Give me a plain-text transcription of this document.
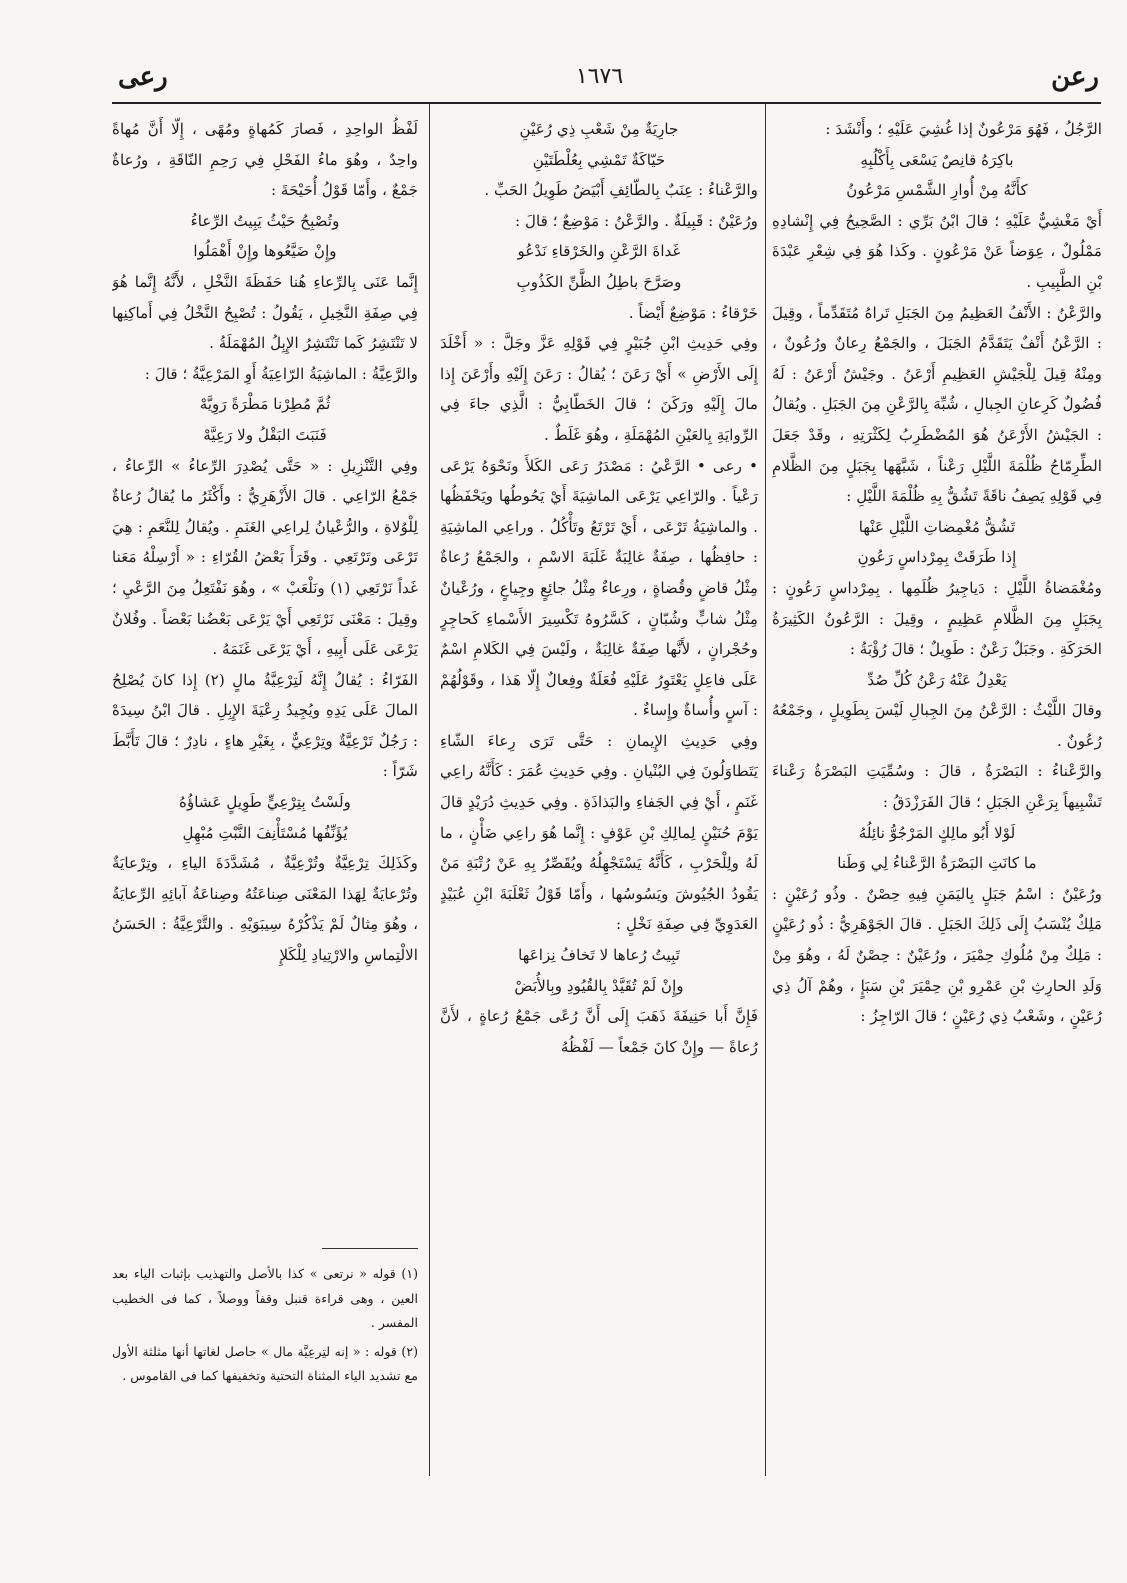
رعن
١٦٧٦
رعى

الرَّجُلُ ، فَهُوَ مَرْعُونٌ إذا غُشِيَ عَلَيْهِ ؛ وأَنْشَدَ :

باكِرَهُ قانِصٌ يَسْعَى بِأَكْلُبِهِ

كأَنَّهُ مِنْ أُوارِ الشَّمْسِ مَرْعُونُ

أَيْ مَغْشِيٌّ عَلَيْهِ ؛ قالَ ابْنُ بَرِّي : الصَّحِيحُ فِي إِنْشادِهِ مَمْلُولٌ ، عِوَضاً عَنْ مَرْعُونٍ . وكَذا هُوَ فِي شِعْرِ عَبْدَةَ بْنِ الطَّبِيبِ .

والرَّعْنُ : الأَنْفُ العَظِيمُ مِنَ الجَبَلِ تَراهُ مُتَقَدِّماً ، وقِيلَ : الرَّعْنُ أَنْفٌ يَتَقَدَّمُ الجَبَلَ ، والجَمْعُ رِعانٌ ورُعُونٌ ، ومِنْهُ قِيلَ لِلْجَيْشِ العَظِيمِ أَرْعَنُ . وجَيْشٌ أَرْعَنُ : لَهُ فُضُولٌ كَرِعانِ الجِبالِ ، شُبِّهَ بِالرَّعْنِ مِنَ الجَبَلِ . ويُقالُ : الجَيْشُ الأَرْعَنُ هُوَ المُضْطَرِبُ لِكَثْرَتِهِ ، وقَدْ جَعَلَ الطِّرِمّاحُ ظُلْمَةَ اللَّيْلِ رَعْناً ، شَبَّهَها بِجَبَلٍ مِنَ الظَّلامِ فِي قَوْلِهِ يَصِفُ ناقَةً تَشُقُّ بِهِ ظُلْمَةَ اللَّيْلِ :

تَشُقُّ مُغْمِضاتِ اللَّيْلِ عَنْها

إِذا طَرَقَتْ بِمِرْداسٍ رَعُونِ

ومُغْمَضاةُ اللَّيْلِ : دَياجِيرُ ظُلَمِها . بِمِرْداسٍ رَعُونٍ : بِجَبَلٍ مِنَ الظَّلامِ عَظِيمٍ ، وقِيلَ : الرَّعُونُ الكَثِيرَةُ الحَرَكَةِ . وجَبَلٌ رَعْنٌ : طَوِيلٌ ؛ قالَ رُؤْبَةُ :

يَعْدِلُ عَنْهُ رَعْنُ كُلِّ صُدِّ

وقالَ اللَّيْثُ : الرَّعْنُ مِنَ الجِبالِ لَيْسَ بِطَوِيلٍ ، وجَمْعُهُ رُعُونٌ .

والرَّعْناءُ : البَصْرَةُ ، قالَ : وسُمِّيَتِ البَصْرَةُ رَعْناءَ تَشْبِيهاً بِرَعْنِ الجَبَلِ ؛ قالَ الفَرَزْدَقُ :

لَوْلا أَبُو مالِكٍ المَرْجُوُّ نائِلُهُ

ما كانَتِ البَصْرَةُ الرَّعْناءُ لِي وَطَنا

ورُعَيْنٌ : اسْمُ جَبَلٍ بِاليَمَنِ فِيهِ حِصْنٌ . وذُو رُعَيْنٍ : مَلِكٌ يُنْسَبُ إِلَى ذَلِكَ الجَبَلِ . قالَ الجَوْهَرِيُّ : ذُو رُعَيْنٍ : مَلِكٌ مِنْ مُلُوكِ حِمْيَرَ ، ورُعَيْنٌ : حِصْنٌ لَهُ ، وهُوَ مِنْ وَلَدِ الحارِثِ بْنِ عَمْرِو بْنِ حِمْيَرَ بْنِ سَبَإٍ ، وهُمْ آلُ ذِي رُعَيْنٍ ، وشَعْبُ ذِي رُعَيْنٍ ؛ قالَ الرّاجِزُ :

جارِيَةٌ مِنْ شَعْبِ ذِي رُعَيْنِ

حَيّاكَةٌ تَمْشِي بِعُلْطَتَيْنِ

والرَّعْناءُ : عِنَبٌ بِالطّائِفِ أَبْيَضُ طَوِيلُ الحَبِّ .

ورُعَيْنٌ : قَبِيلَةٌ . والرَّعْنُ : مَوْضِعٌ ؛ قالَ :

غَداةَ الرَّعْنِ والخَرْقاءِ نَدْعُو

وصَرَّحَ باطِلُ الظَّنِّ الكَذُوبِ

خَرْقاءُ : مَوْضِعٌ أَيْضاً .

وفِي حَدِيثِ ابْنِ جُبَيْرٍ فِي قَوْلِهِ عَزَّ وجَلَّ : « أَخْلَدَ إِلَى الأَرْضِ » أَيْ رَعَنَ ؛ يُقالُ : رَعَنَ إِلَيْهِ وأَرْعَنَ إِذا مالَ إِلَيْهِ ورَكَنَ ؛ قالَ الخَطّابِيُّ : الَّذِي جاءَ فِي الرِّوايَةِ بِالعَيْنِ المُهْمَلَةِ ، وهُوَ غَلَطٌ .

• رعى • الرَّعْيُ : مَصْدَرُ رَعَى الكَلأَ ونَحْوَهُ يَرْعَى رَعْياً . والرّاعِي يَرْعَى الماشِيَةَ أَيْ يَحُوطُها ويَحْفَظُها . والماشِيَةُ تَرْعَى ، أَيْ تَرْتَعُ وتَأْكُلُ . وراعِي الماشِيَةِ : حافِظُها ، صِفَةٌ غالِبَةٌ غَلَبَةَ الاسْمِ ، والجَمْعُ رُعاةٌ مِثْلُ قاضٍ وقُضاةٍ ، ورِعاءٌ مِثْلُ جائِعٍ وجِياعٍ ، ورُعْيانٌ مِثْلُ شابٍّ وشُبّانٍ ، كَسَّرُوهُ تَكْسِيرَ الأَسْماءِ كَحاجِرٍ وحُجْرانٍ ، لأَنَّها صِفَةٌ غالِبَةٌ ، ولَيْسَ فِي الكَلامِ اسْمٌ عَلَى فاعِلٍ يَعْتَوِرُ عَلَيْهِ فُعَلَةٌ وفِعالٌ إِلّا هَذا ، وقَوْلُهُمْ : آسٍ وأُساةٌ وإِساءٌ .

وفِي حَدِيثِ الإِيمانِ : حَتَّى تَرَى رِعاءَ الشّاءِ يَتَطاوَلُونَ فِي البُنْيانِ . وفِي حَدِيثِ عُمَرَ : كَأَنَّهُ راعِي غَنَمٍ ، أَيْ فِي الجَفاءِ والبَذاذَةِ . وفِي حَدِيثِ دُرَيْدٍ قالَ يَوْمَ حُنَيْنٍ لِمالِكِ بْنِ عَوْفٍ : إِنَّما هُوَ راعِي ضَأْنٍ ، ما لَهُ ولِلْحَرْبِ ، كَأَنَّهُ يَسْتَجْهِلُهُ ويُقَصِّرُ بِهِ عَنْ رُتْبَةِ مَنْ يَقُودُ الجُيُوشَ ويَسُوسُها ، وأَمّا قَوْلُ ثَعْلَبَةَ ابْنِ عُبَيْدٍ العَدَوِيِّ فِي صِفَةِ نَخْلٍ :

تَبِيتُ رُعاها لا تَخافُ نِزاعَها

وإِنْ لَمْ تُقَيَّدْ بِالقُيُودِ وبِالأُبَضْ

فَإِنَّ أَبا حَنِيفَةَ ذَهَبَ إِلَى أَنَّ رُعًى جَمْعُ رُعاةٍ ، لأَنَّ رُعاةً — وإِنْ كانَ جَمْعاً — لَفْظُهُ

لَفْظُ الواحِدِ ، فَصارَ كَمُهاةٍ ومُهًى ، إِلّا أَنَّ مُهاةً واحِدٌ ، وهُوَ ماءُ الفَحْلِ فِي رَحِمِ النّاقَةِ ، ورُعاةٌ جَمْعٌ ، وأَمّا قَوْلُ أُحَيْحَةَ :

وتُصْبِحُ حَيْثُ يَبِيتُ الرِّعاءُ

وإِنْ ضَيَّعُوها وإِنْ أَهْمَلُوا

إِنَّما عَنَى بِالرِّعاءِ هُنا حَفَظَةَ النَّخْلِ ، لأَنَّهُ إِنَّما هُوَ فِي صِفَةِ النَّخِيلِ ، يَقُولُ : تُصْبِحُ النَّخْلُ فِي أَماكِنِها لا تَنْتَشِرُ كَما تَنْتَشِرُ الإِبِلُ المُهْمَلَةُ .

والرَّعِيَّةُ : الماشِيَةُ الرّاعِيَةُ أَوِ المَرْعِيَّةُ ؛ قالَ :

ثُمَّ مُطِرْنا مَطْرَةً رَوِيَّهْ

فَنَبَتَ البَقْلُ ولا رَعِيَّهْ

وفِي التَّنْزِيلِ : « حَتَّى يُصْدِرَ الرِّعاءُ » الرِّعاءُ ، جَمْعُ الرّاعِي . قالَ الأَزْهَرِيُّ : وأَكْثَرُ ما يُقالُ رُعاةٌ لِلْوُلاةِ ، والرُّعْيانُ لِراعِي الغَنَمِ . ويُقالُ لِلنَّعَمِ : هِيَ تَرْعَى وتَرْتَعِي . وقَرَأَ بَعْضُ القُرّاءِ : « أَرْسِلْهُ مَعَنا غَداً نَرْتَعِي (١) ونَلْعَبْ » ، وهُوَ نَفْتَعِلُ مِنَ الرَّعْيِ ؛ وقِيلَ : مَعْنَى نَرْتَعِي أَيْ يَرْعَى بَعْضُنا بَعْضاً . وفُلانٌ يَرْعَى عَلَى أَبِيهِ ، أَيْ يَرْعَى غَنَمَهُ .

الفَرّاءُ : يُقالُ إِنَّهُ لَتِرْعِيَّةُ مالٍ (٢) إِذا كانَ يُصْلِحُ المالَ عَلَى يَدِهِ ويُجِيدُ رِعْيَةَ الإِبِلِ . قالَ ابْنُ سِيدَهْ : رَجُلٌ تَرْعِيَّةٌ وتِرْعِيٌّ ، بِغَيْرِ هاءٍ ، نادِرٌ ؛ قالَ تَأَبَّطَ شَرّاً :

ولَسْتُ بِتِرْعِيٍّ طَوِيلٍ عَشاؤُهُ

يُؤَنِّفُها مُسْتَأْنِفَ النَّبْتِ مُبْهِلِ

وكَذَلِكَ تِرْعِيَّةٌ وتُرْعِيَّةٌ ، مُشَدَّدَةَ الياءِ ، وتِرْعايَةٌ وتُرْعايَةٌ لِهَذا المَعْنَى صِناعَتُهُ وصِناعَةُ آبائِهِ الرِّعايَةُ ، وهُوَ مِثالٌ لَمْ يَذْكُرْهُ سِيبَوَيْهِ . والتَّرْعِيَّةُ : الحَسَنُ الالْتِماسِ والارْتِيادِ لِلْكَلإِ

(١) قوله « نرتعى » كذا بالأصل والتهذيب بإثبات الياء بعد العين ، وهى قراءة قنبل وقفاً ووصلاً ، كما فى الخطيب المفسر .

(٢) قوله : « إنه لتِرعِيَّة مال » حاصل لغاتها أنها مثلثة الأول مع تشديد الياء المثناة التحتية وتخفيفها كما فى القاموس .
